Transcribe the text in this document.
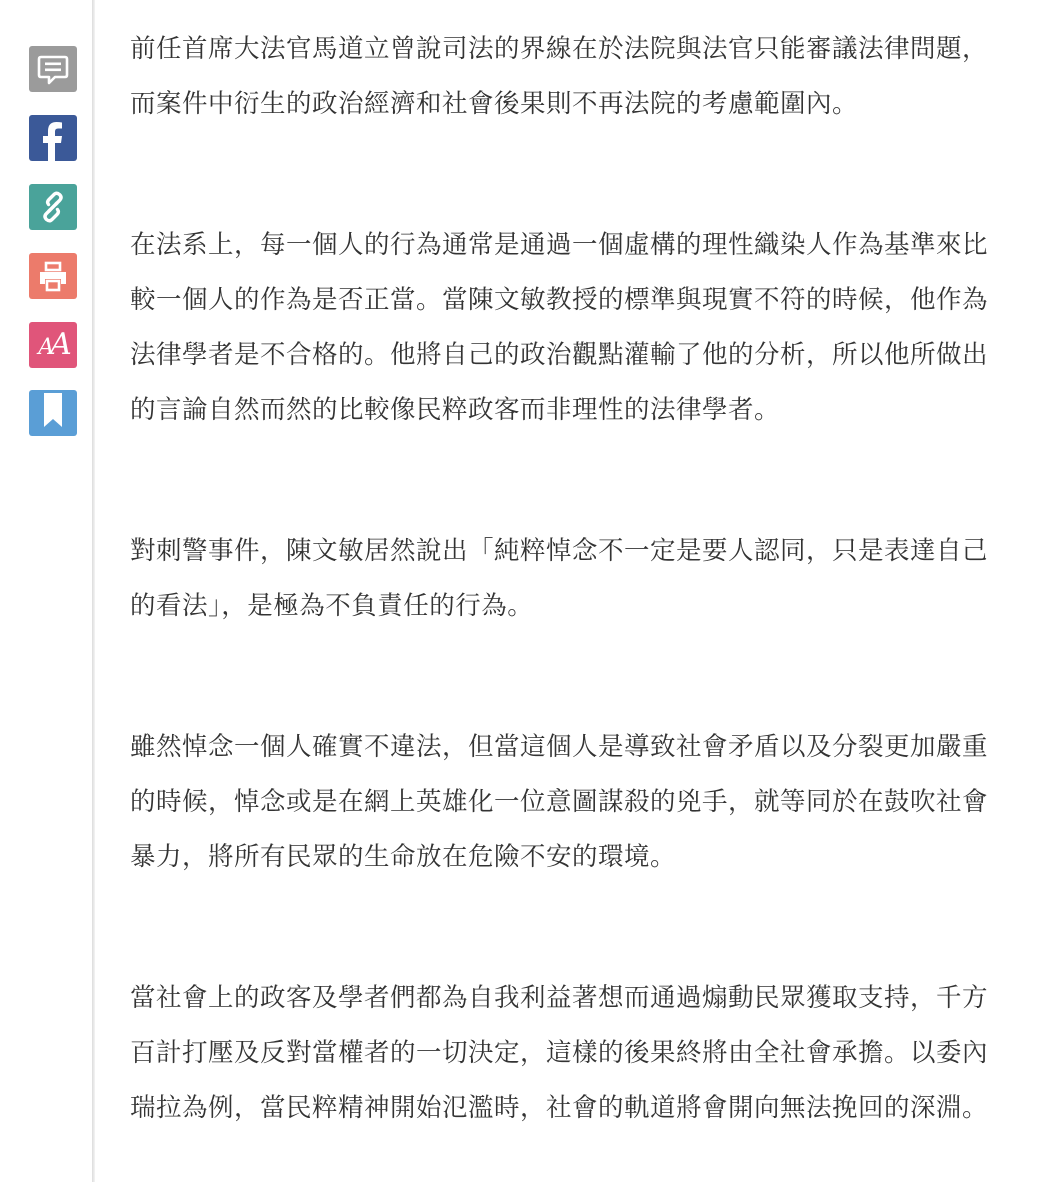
AA

前任首席大法官馬道立曾說司法的界線在於法院與法官只能審議法律問題，而案件中衍生的政治經濟和社會後果則不再法院的考慮範圍內。

在法系上，每一個人的行為通常是通過一個虛構的理性織染人作為基準來比較一個人的作為是否正當。當陳文敏教授的標準與現實不符的時候，他作為法律學者是不合格的。他將自己的政治觀點灌輸了他的分析，所以他所做出的言論自然而然的比較像民粹政客而非理性的法律學者。

對刺警事件，陳文敏居然說出「純粹悼念不一定是要人認同，只是表達自己的看法」，是極為不負責任的行為。

雖然悼念一個人確實不違法，但當這個人是導致社會矛盾以及分裂更加嚴重的時候，悼念或是在網上英雄化一位意圖謀殺的兇手，就等同於在鼓吹社會暴力，將所有民眾的生命放在危險不安的環境。

當社會上的政客及學者們都為自我利益著想而通過煽動民眾獲取支持，千方百計打壓及反對當權者的一切決定，這樣的後果終將由全社會承擔。以委內瑞拉為例，當民粹精神開始氾濫時，社會的軌道將會開向無法挽回的深淵。
